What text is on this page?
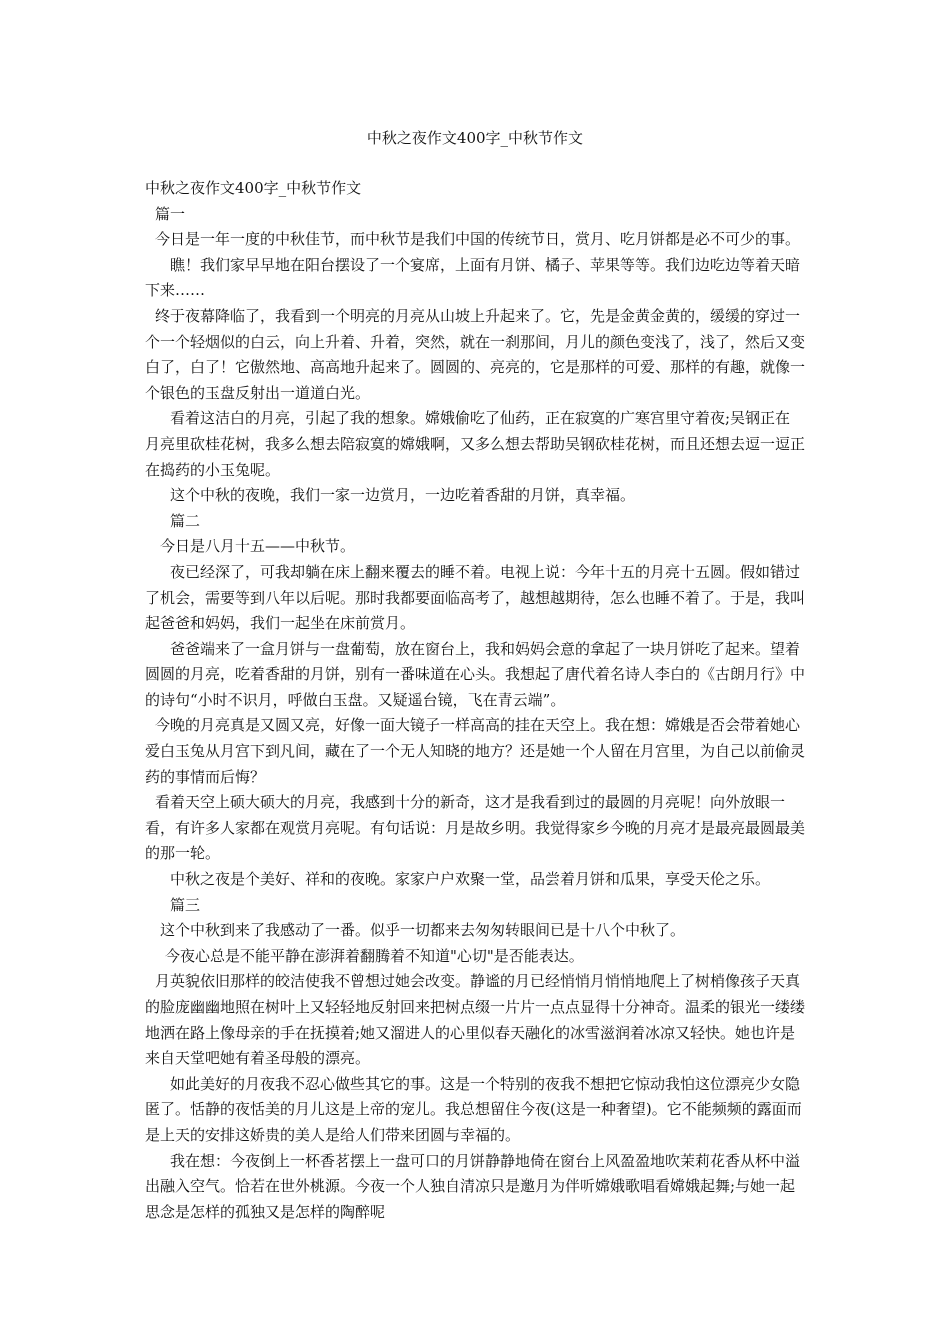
中秋之夜作文400字_中秋节作文

中秋之夜作文400字_中秋节作文

篇一

今日是一年一度的中秋佳节，而中秋节是我们中国的传统节日，赏月、吃月饼都是必不可少的事。

瞧！我们家早早地在阳台摆设了一个宴席，上面有月饼、橘子、苹果等等。我们边吃边等着天暗下来……

终于夜幕降临了，我看到一个明亮的月亮从山坡上升起来了。它，先是金黄金黄的，缓缓的穿过一个一个轻烟似的白云，向上升着、升着，突然，就在一刹那间，月儿的颜色变浅了，浅了，然后又变白了，白了！它傲然地、高高地升起来了。圆圆的、亮亮的，它是那样的可爱、那样的有趣，就像一个银色的玉盘反射出一道道白光。

看着这洁白的月亮，引起了我的想象。嫦娥偷吃了仙药，正在寂寞的广寒宫里守着夜;吴钢正在月亮里砍桂花树，我多么想去陪寂寞的嫦娥啊，又多么想去帮助吴钢砍桂花树，而且还想去逗一逗正在捣药的小玉兔呢。

这个中秋的夜晚，我们一家一边赏月，一边吃着香甜的月饼，真幸福。

篇二

今日是八月十五——中秋节。

夜已经深了，可我却躺在床上翻来覆去的睡不着。电视上说：今年十五的月亮十五圆。假如错过了机会，需要等到八年以后呢。那时我都要面临高考了，越想越期待，怎么也睡不着了。于是，我叫起爸爸和妈妈，我们一起坐在床前赏月。

爸爸端来了一盒月饼与一盘葡萄，放在窗台上，我和妈妈会意的拿起了一块月饼吃了起来。望着圆圆的月亮，吃着香甜的月饼，别有一番味道在心头。我想起了唐代着名诗人李白的《古朗月行》中的诗句“小时不识月，呼做白玉盘。又疑遥台镜，飞在青云端”。

今晚的月亮真是又圆又亮，好像一面大镜子一样高高的挂在天空上。我在想：嫦娥是否会带着她心爱白玉兔从月宫下到凡间，藏在了一个无人知晓的地方？还是她一个人留在月宫里，为自己以前偷灵药的事情而后悔？

看着天空上硕大硕大的月亮，我感到十分的新奇，这才是我看到过的最圆的月亮呢！向外放眼一看，有许多人家都在观赏月亮呢。有句话说：月是故乡明。我觉得家乡今晚的月亮才是最亮最圆最美的那一轮。

中秋之夜是个美好、祥和的夜晚。家家户户欢聚一堂，品尝着月饼和瓜果，享受天伦之乐。

篇三

这个中秋到来了我感动了一番。似乎一切都来去匆匆转眼间已是十八个中秋了。

今夜心总是不能平静在澎湃着翻腾着不知道"心切"是否能表达。

月英貌依旧那样的皎洁使我不曾想过她会改变。静谧的月已经悄悄月悄悄地爬上了树梢像孩子天真的脸庞幽幽地照在树叶上又轻轻地反射回来把树点缀一片片一点点显得十分神奇。温柔的银光一缕缕地洒在路上像母亲的手在抚摸着;她又溜进人的心里似春天融化的冰雪滋润着冰凉又轻快。她也许是来自天堂吧她有着圣母般的漂亮。

如此美好的月夜我不忍心做些其它的事。这是一个特别的夜我不想把它惊动我怕这位漂亮少女隐匿了。恬静的夜恬美的月儿这是上帝的宠儿。我总想留住今夜(这是一种奢望)。它不能频频的露面而是上天的安排这娇贵的美人是给人们带来团圆与幸福的。

我在想：今夜倒上一杯香茗摆上一盘可口的月饼静静地倚在窗台上风盈盈地吹茉莉花香从杯中溢出融入空气。恰若在世外桃源。今夜一个人独自清凉只是邀月为伴听嫦娥歌唱看嫦娥起舞;与她一起思念是怎样的孤独又是怎样的陶醉呢
